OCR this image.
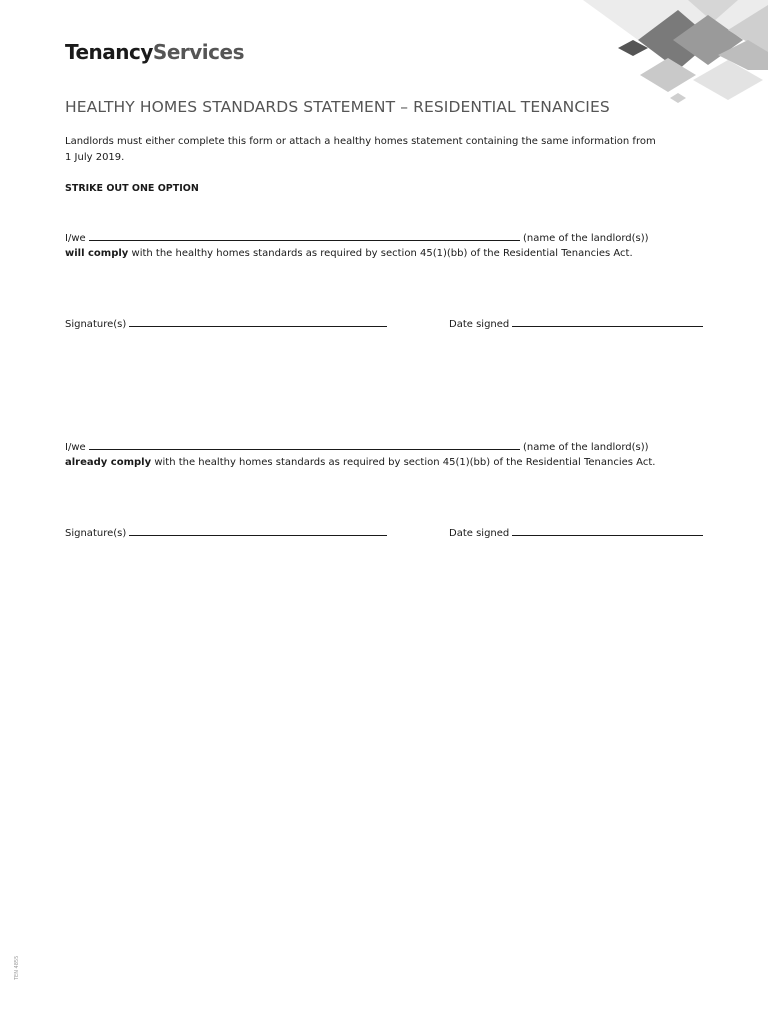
TenancyServices
HEALTHY HOMES STANDARDS STATEMENT – RESIDENTIAL TENANCIES

Landlords must either complete this form or attach a healthy homes statement containing the same information from 1 July 2019.

STRIKE OUT ONE OPTION

I/we	(name of the landlord(s))
will comply with the healthy homes standards as required by section 45(1)(bb) of the Residential Tenancies Act.
Signature(s)	Date signed
I/we	(name of the landlord(s))
already comply with the healthy homes standards as required by section 45(1)(bb) of the Residential Tenancies Act.
Signature(s)	Date signed
TEN 4855
